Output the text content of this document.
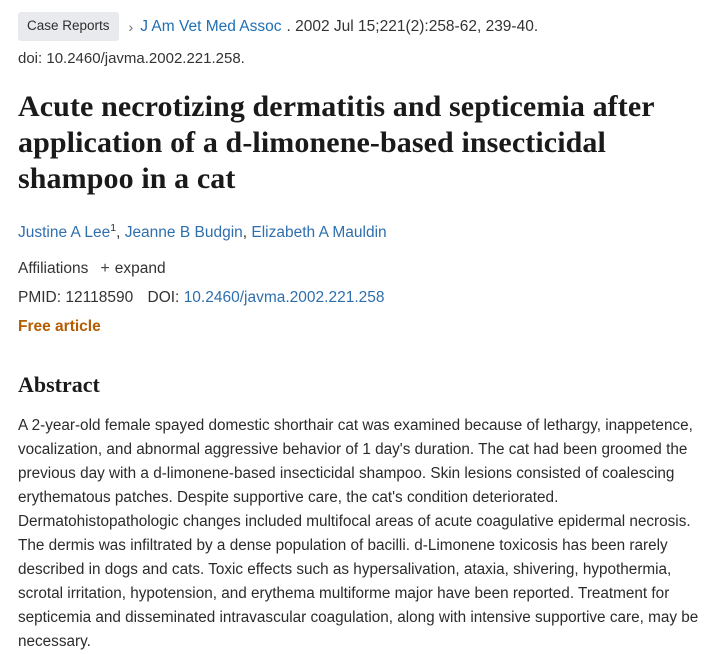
Case Reports	› J Am Vet Med Assoc . 2002 Jul 15;221(2):258-62, 239-40.
doi: 10.2460/javma.2002.221.258.
Acute necrotizing dermatitis and septicemia after application of a d-limonene-based insecticidal shampoo in a cat
Justine A Lee$^1$, Jeanne B Budgin, Elizabeth A Mauldin
Affiliations + expand
PMID: 12118590 DOI: 10.2460/javma.2002.221.258
Free article
Abstract
A 2-year-old female spayed domestic shorthair cat was examined because of lethargy, inappetence, vocalization, and abnormal aggressive behavior of 1 day's duration. The cat had been groomed the previous day with a d-limonene-based insecticidal shampoo. Skin lesions consisted of coalescing erythematous patches. Despite supportive care, the cat's condition deteriorated. Dermatohistopathologic changes included multifocal areas of acute coagulative epidermal necrosis. The dermis was infiltrated by a dense population of bacilli. d-Limonene toxicosis has been rarely described in dogs and cats. Toxic effects such as hypersalivation, ataxia, shivering, hypothermia, scrotal irritation, hypotension, and erythema multiforme major have been reported. Treatment for septicemia and disseminated intravascular coagulation, along with intensive supportive care, may be necessary.
